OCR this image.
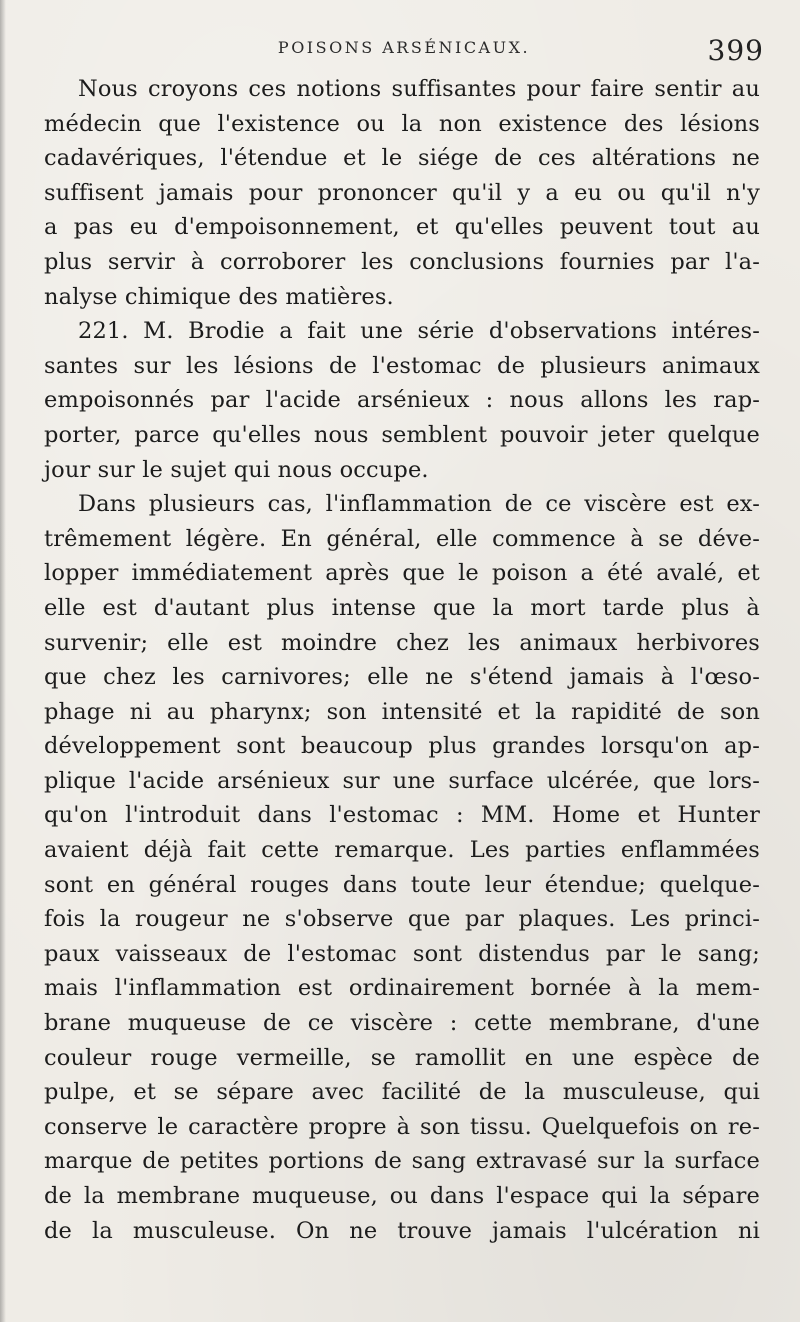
POISONS ARSÉNICAUX.	399
Nous croyons ces notions suffisantes pour faire sentir au
médecin que l'existence ou la non existence des lésions
cadavériques, l'étendue et le siége de ces altérations ne
suffisent jamais pour prononcer qu'il y a eu ou qu'il n'y
a pas eu d'empoisonnement, et qu'elles peuvent tout au
plus servir à corroborer les conclusions fournies par l'a-
nalyse chimique des matières.
221. M. Brodie a fait une série d'observations intéres-
santes sur les lésions de l'estomac de plusieurs animaux
empoisonnés par l'acide arsénieux : nous allons les rap-
porter, parce qu'elles nous semblent pouvoir jeter quelque
jour sur le sujet qui nous occupe.
Dans plusieurs cas, l'inflammation de ce viscère est ex-
trêmement légère. En général, elle commence à se déve-
lopper immédiatement après que le poison a été avalé, et
elle est d'autant plus intense que la mort tarde plus à
survenir; elle est moindre chez les animaux herbivores
que chez les carnivores; elle ne s'étend jamais à l'œso-
phage ni au pharynx; son intensité et la rapidité de son
développement sont beaucoup plus grandes lorsqu'on ap-
plique l'acide arsénieux sur une surface ulcérée, que lors-
qu'on l'introduit dans l'estomac : MM. Home et Hunter
avaient déjà fait cette remarque. Les parties enflammées
sont en général rouges dans toute leur étendue; quelque-
fois la rougeur ne s'observe que par plaques. Les princi-
paux vaisseaux de l'estomac sont distendus par le sang;
mais l'inflammation est ordinairement bornée à la mem-
brane muqueuse de ce viscère : cette membrane, d'une
couleur rouge vermeille, se ramollit en une espèce de
pulpe, et se sépare avec facilité de la musculeuse, qui
conserve le caractère propre à son tissu. Quelquefois on re-
marque de petites portions de sang extravasé sur la surface
de la membrane muqueuse, ou dans l'espace qui la sépare
de la musculeuse. On ne trouve jamais l'ulcération ni
